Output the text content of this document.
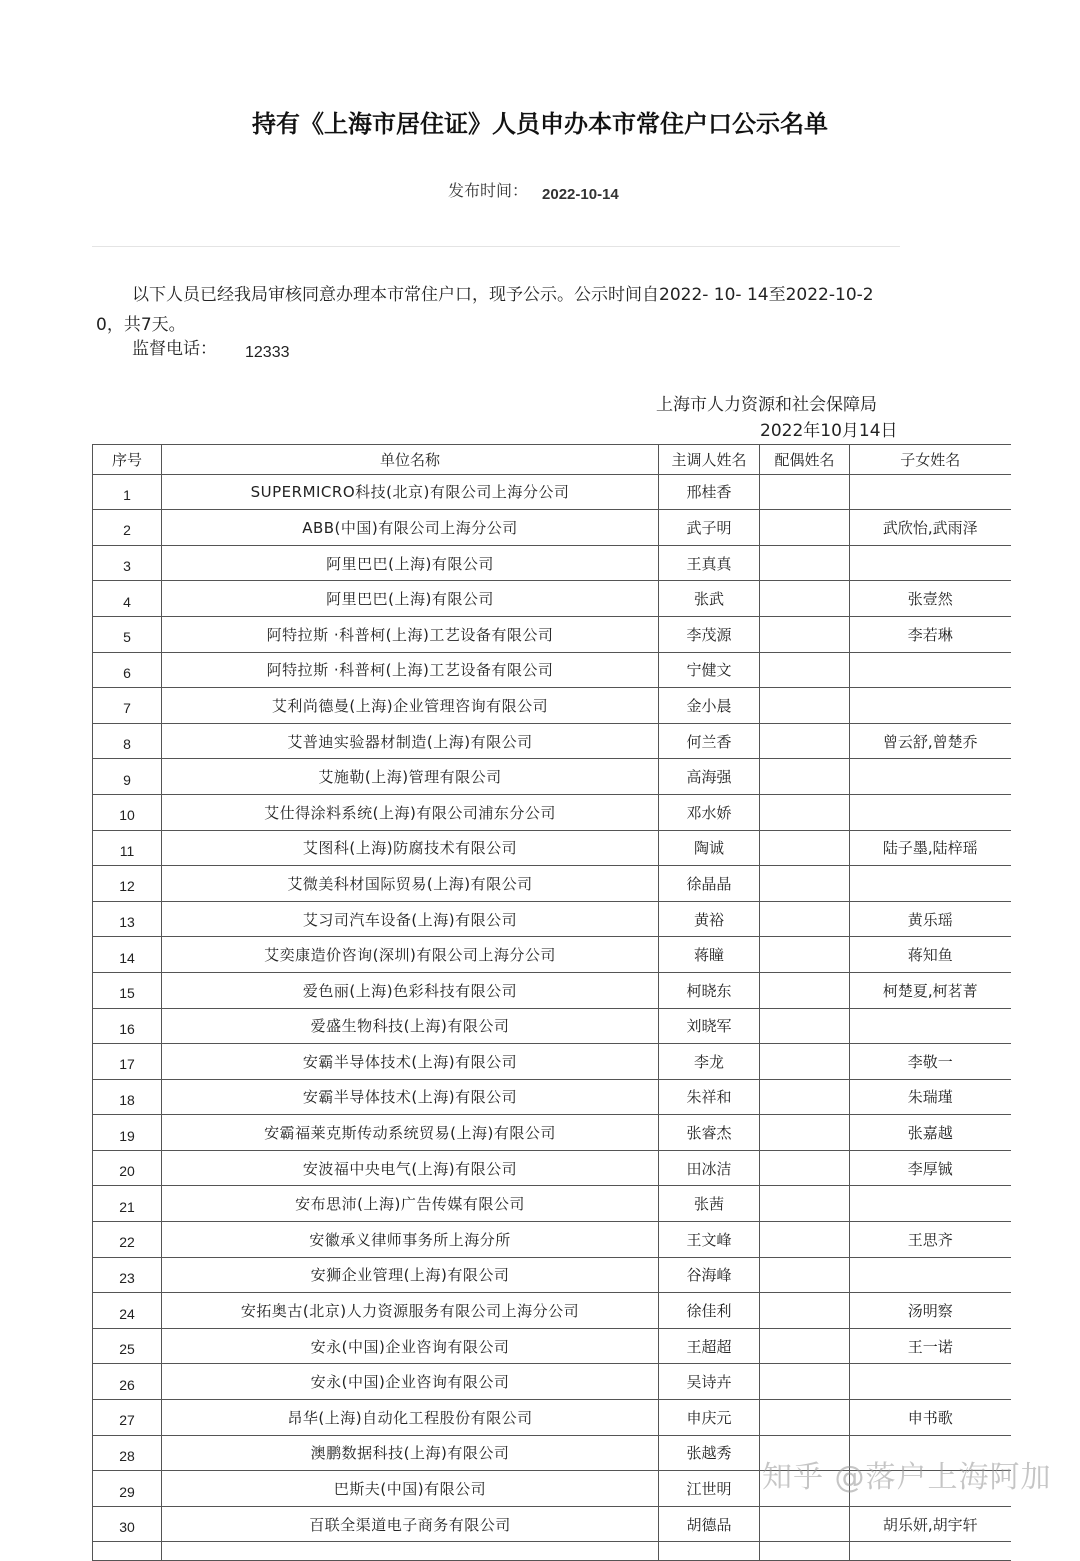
持有《上海市居住证》人员申办本市常住户口公示名单
发布时间： 2022-10-14
以下人员已经我局审核同意办理本市常住户口，现予公示。公示时间自2022- 10- 14至2022-10-20，共7天。
监督电话： 12333
上海市人力资源和社会保障局
2022年10月14日
序号	单位名称	主调人姓名	配偶姓名	子女姓名
1	SUPERMICRO科技(北京)有限公司上海分公司	邢桂香		
2	ABB(中国)有限公司上海分公司	武子明		武欣怡,武雨泽
3	阿里巴巴(上海)有限公司	王真真		
4	阿里巴巴(上海)有限公司	张武		张壹然
5	阿特拉斯 ·科普柯(上海)工艺设备有限公司	李茂源		李若琳
6	阿特拉斯 ·科普柯(上海)工艺设备有限公司	宁健文		
7	艾利尚德曼(上海)企业管理咨询有限公司	金小晨		
8	艾普迪实验器材制造(上海)有限公司	何兰香		曾云舒,曾楚乔
9	艾施勒(上海)管理有限公司	高海强		
10	艾仕得涂料系统(上海)有限公司浦东分公司	邓水娇		
11	艾图科(上海)防腐技术有限公司	陶诚		陆子墨,陆梓瑶
12	艾微美科材国际贸易(上海)有限公司	徐晶晶		
13	艾习司汽车设备(上海)有限公司	黄裕		黄乐瑶
14	艾奕康造价咨询(深圳)有限公司上海分公司	蒋瞳		蒋知鱼
15	爱色丽(上海)色彩科技有限公司	柯晓东		柯楚夏,柯茗菁
16	爱盛生物科技(上海)有限公司	刘晓军		
17	安霸半导体技术(上海)有限公司	李龙		李敬一
18	安霸半导体技术(上海)有限公司	朱祥和		朱瑞瑾
19	安霸福莱克斯传动系统贸易(上海)有限公司	张睿杰		张嘉越
20	安波福中央电气(上海)有限公司	田冰洁		李厚铖
21	安布思沛(上海)广告传媒有限公司	张茜		
22	安徽承义律师事务所上海分所	王文峰		王思齐
23	安狮企业管理(上海)有限公司	谷海峰		
24	安拓奥古(北京)人力资源服务有限公司上海分公司	徐佳利		汤明察
25	安永(中国)企业咨询有限公司	王超超		王一诺
26	安永(中国)企业咨询有限公司	吴诗卉		
27	昂华(上海)自动化工程股份有限公司	申庆元		申书歌
28	澳鹏数据科技(上海)有限公司	张越秀		
29	巴斯夫(中国)有限公司	江世明		
30	百联全渠道电子商务有限公司	胡德品		胡乐妍,胡宇轩

知乎 @落户上海阿加
